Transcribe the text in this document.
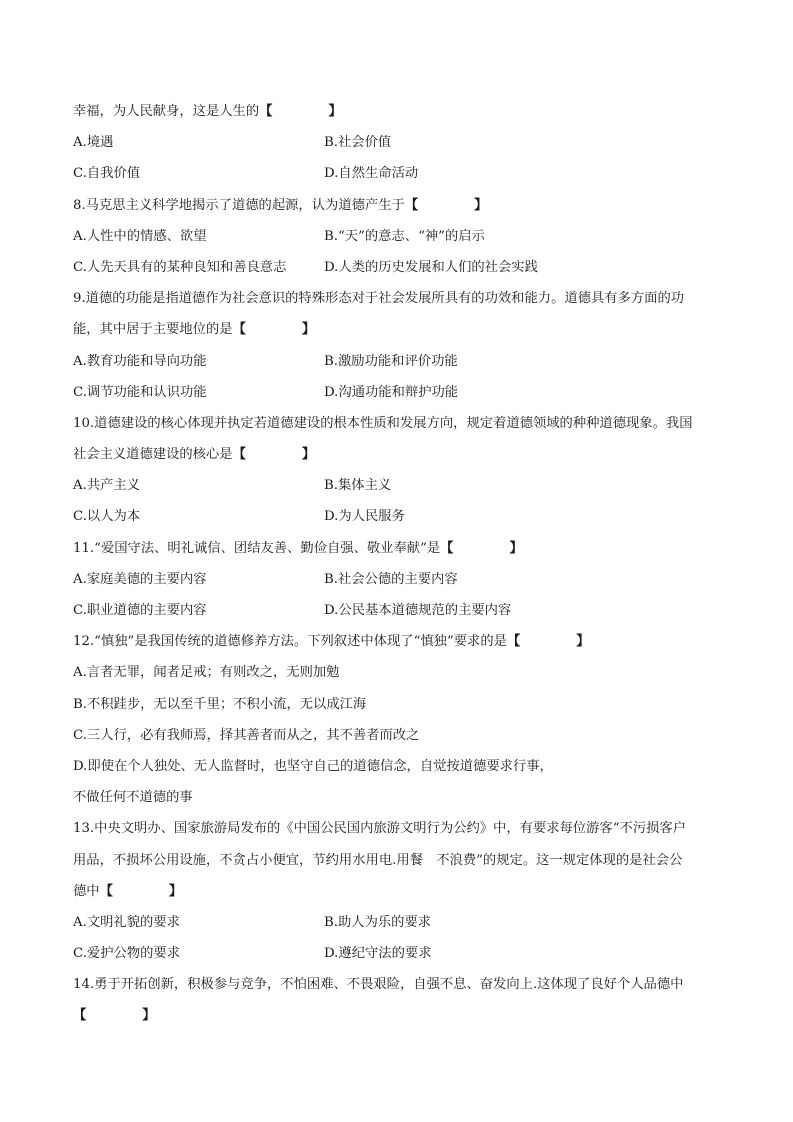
幸福，为人民献身，这是人生的【	】
A.境遇	B.社会价值
C.自我价值	D.自然生命活动
8.马克思主义科学地揭示了道德的起源，认为道德产生于【	】
A.人性中的情感、欲望	B.“天”的意志、“神”的启示
C.人先天具有的某种良知和善良意志	D.人类的历史发展和人们的社会实践
9.道德的功能是指道德作为社会意识的特殊形态对于社会发展所具有的功效和能力。道德具有多方面的功
能，其中居于主要地位的是【	】
A.教育功能和导向功能	B.激励功能和评价功能
C.调节功能和认识功能	D.沟通功能和辩护功能
10.道德建设的核心体现并执定若道德建设的根本性质和发展方向，规定着道德领域的种种道德现象。我国
社会主义道德建设的核心是【	】
A.共产主义	B.集体主义
C.以人为本	D.为人民服务
11.“爱国守法、明礼诚信、团结友善、勤俭自强、敬业奉献”是【	】
A.家庭美德的主要内容	B.社会公德的主要内容
C.职业道德的主要内容	D.公民基本道德规范的主要内容
12.“慎独”是我国传统的道德修养方法。下列叙述中体现了“慎独”要求的是【	】
A.言者无罪，闻者足戒；有则改之，无则加勉
B.不积跬步，无以至千里；不积小流，无以成江海
C.三人行，必有我师焉，择其善者而从之，其不善者而改之
D.即使在个人独处、无人监督时，也坚守自己的道德信念，自觉按道德要求行事，
不做任何不道德的事
13.中央文明办、国家旅游局发布的《中国公民国内旅游文明行为公约》中，有要求每位游客“不污损客户
用品，不损坏公用设施，不贪占小便宜，节约用水用电.用餐　不浪费”的规定。这一规定体现的是社会公
德中【	】
A.文明礼貌的要求	B.助人为乐的要求
C.爱护公物的要求	D.遵纪守法的要求
14.勇于开拓创新，积极参与竞争，不怕困难、不畏艰险，自强不息、奋发向上.这体现了良好个人品德中
【	】
